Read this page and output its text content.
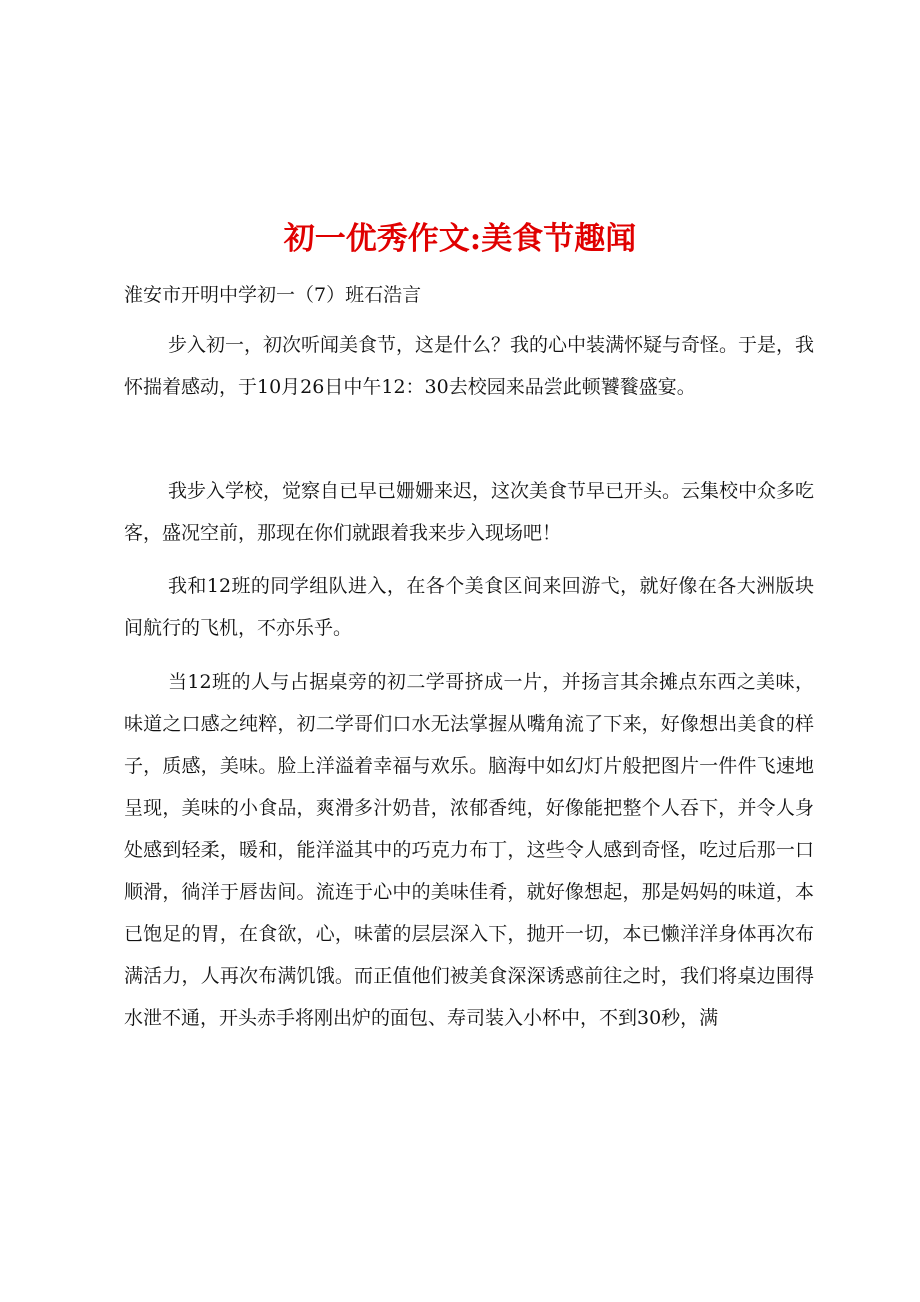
初一优秀作文:美食节趣闻
淮安市开明中学初一（7）班石浩言

步入初一，初次听闻美食节，这是什么？我的心中装满怀疑与奇怪。于是，我怀揣着感动，于10月26日中午12：30去校园来品尝此顿饕餮盛宴。

我步入学校，觉察自已早已姗姗来迟，这次美食节早已开头。云集校中众多吃客，盛况空前，那现在你们就跟着我来步入现场吧！

我和12班的同学组队进入，在各个美食区间来回游弋，就好像在各大洲版块间航行的飞机，不亦乐乎。

当12班的人与占据桌旁的初二学哥挤成一片，并扬言其余摊点东西之美味，味道之口感之纯粹，初二学哥们口水无法掌握从嘴角流了下来，好像想出美食的样子，质感，美味。脸上洋溢着幸福与欢乐。脑海中如幻灯片般把图片一件件飞速地呈现，美味的小食品，爽滑多汁奶昔，浓郁香纯，好像能把整个人吞下，并令人身处感到轻柔，暖和，能洋溢其中的巧克力布丁，这些令人感到奇怪，吃过后那一口顺滑，徜洋于唇齿间。流连于心中的美味佳肴，就好像想起，那是妈妈的味道，本已饱足的胃，在食欲，心，味蕾的层层深入下，抛开一切，本已懒洋洋身体再次布满活力，人再次布满饥饿。而正值他们被美食深深诱惑前往之时，我们将桌边围得水泄不通，开头赤手将刚出炉的面包、寿司装入小杯中，不到30秒，满
